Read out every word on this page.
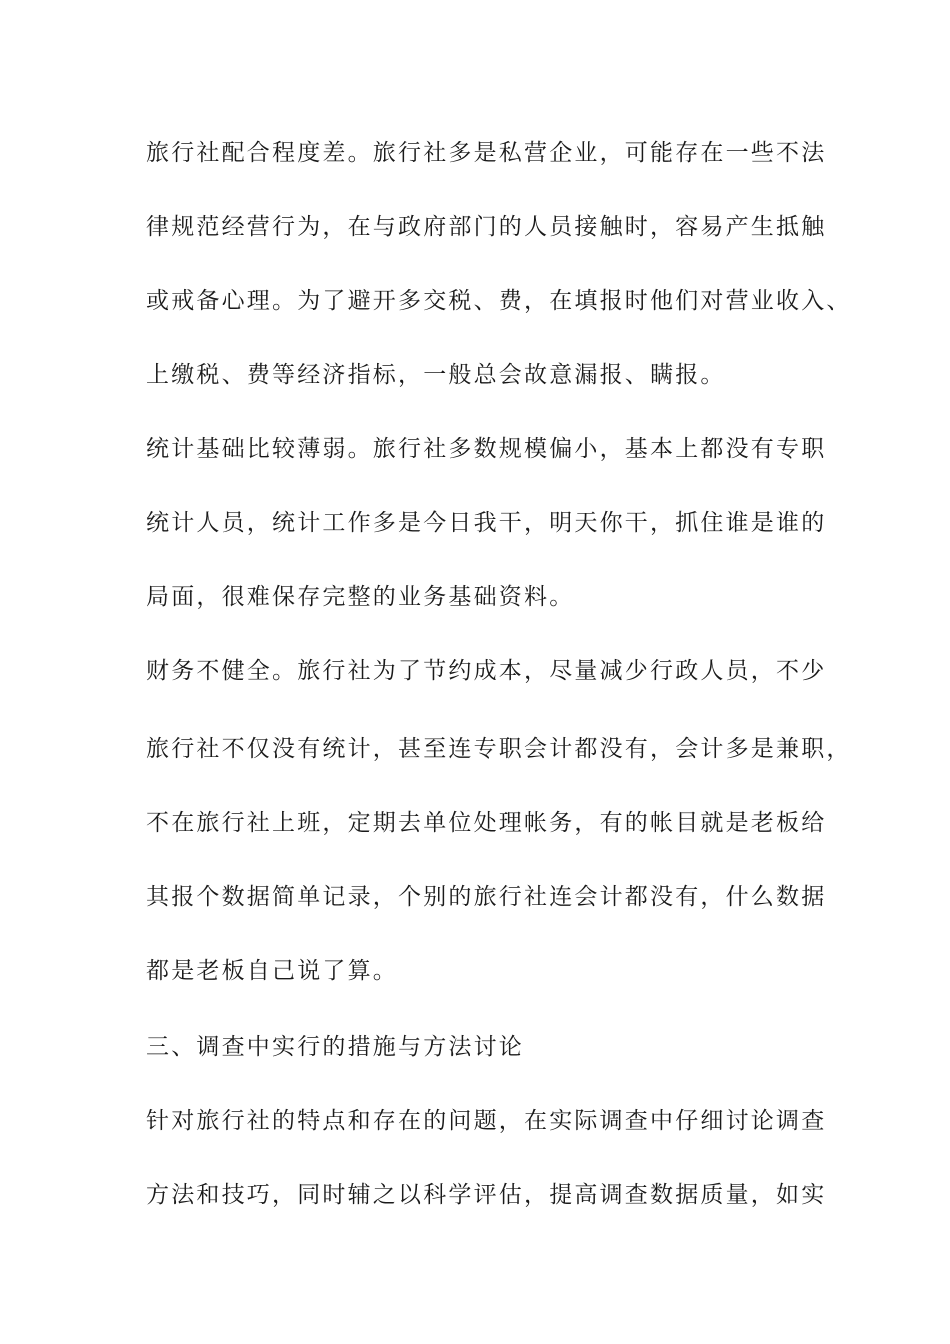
旅行社配合程度差。旅行社多是私营企业，可能存在一些不法

律规范经营行为，在与政府部门的人员接触时，容易产生抵触

或戒备心理。为了避开多交税、费，在填报时他们对营业收入、

上缴税、费等经济指标，一般总会故意漏报、瞒报。

统计基础比较薄弱。旅行社多数规模偏小，基本上都没有专职

统计人员，统计工作多是今日我干，明天你干，抓住谁是谁的

局面，很难保存完整的业务基础资料。

财务不健全。旅行社为了节约成本，尽量减少行政人员，不少

旅行社不仅没有统计，甚至连专职会计都没有，会计多是兼职，

不在旅行社上班，定期去单位处理帐务，有的帐目就是老板给

其报个数据简单记录，个别的旅行社连会计都没有，什么数据

都是老板自己说了算。

三、调查中实行的措施与方法讨论

针对旅行社的特点和存在的问题，在实际调查中仔细讨论调查

方法和技巧，同时辅之以科学评估，提高调查数据质量，如实
